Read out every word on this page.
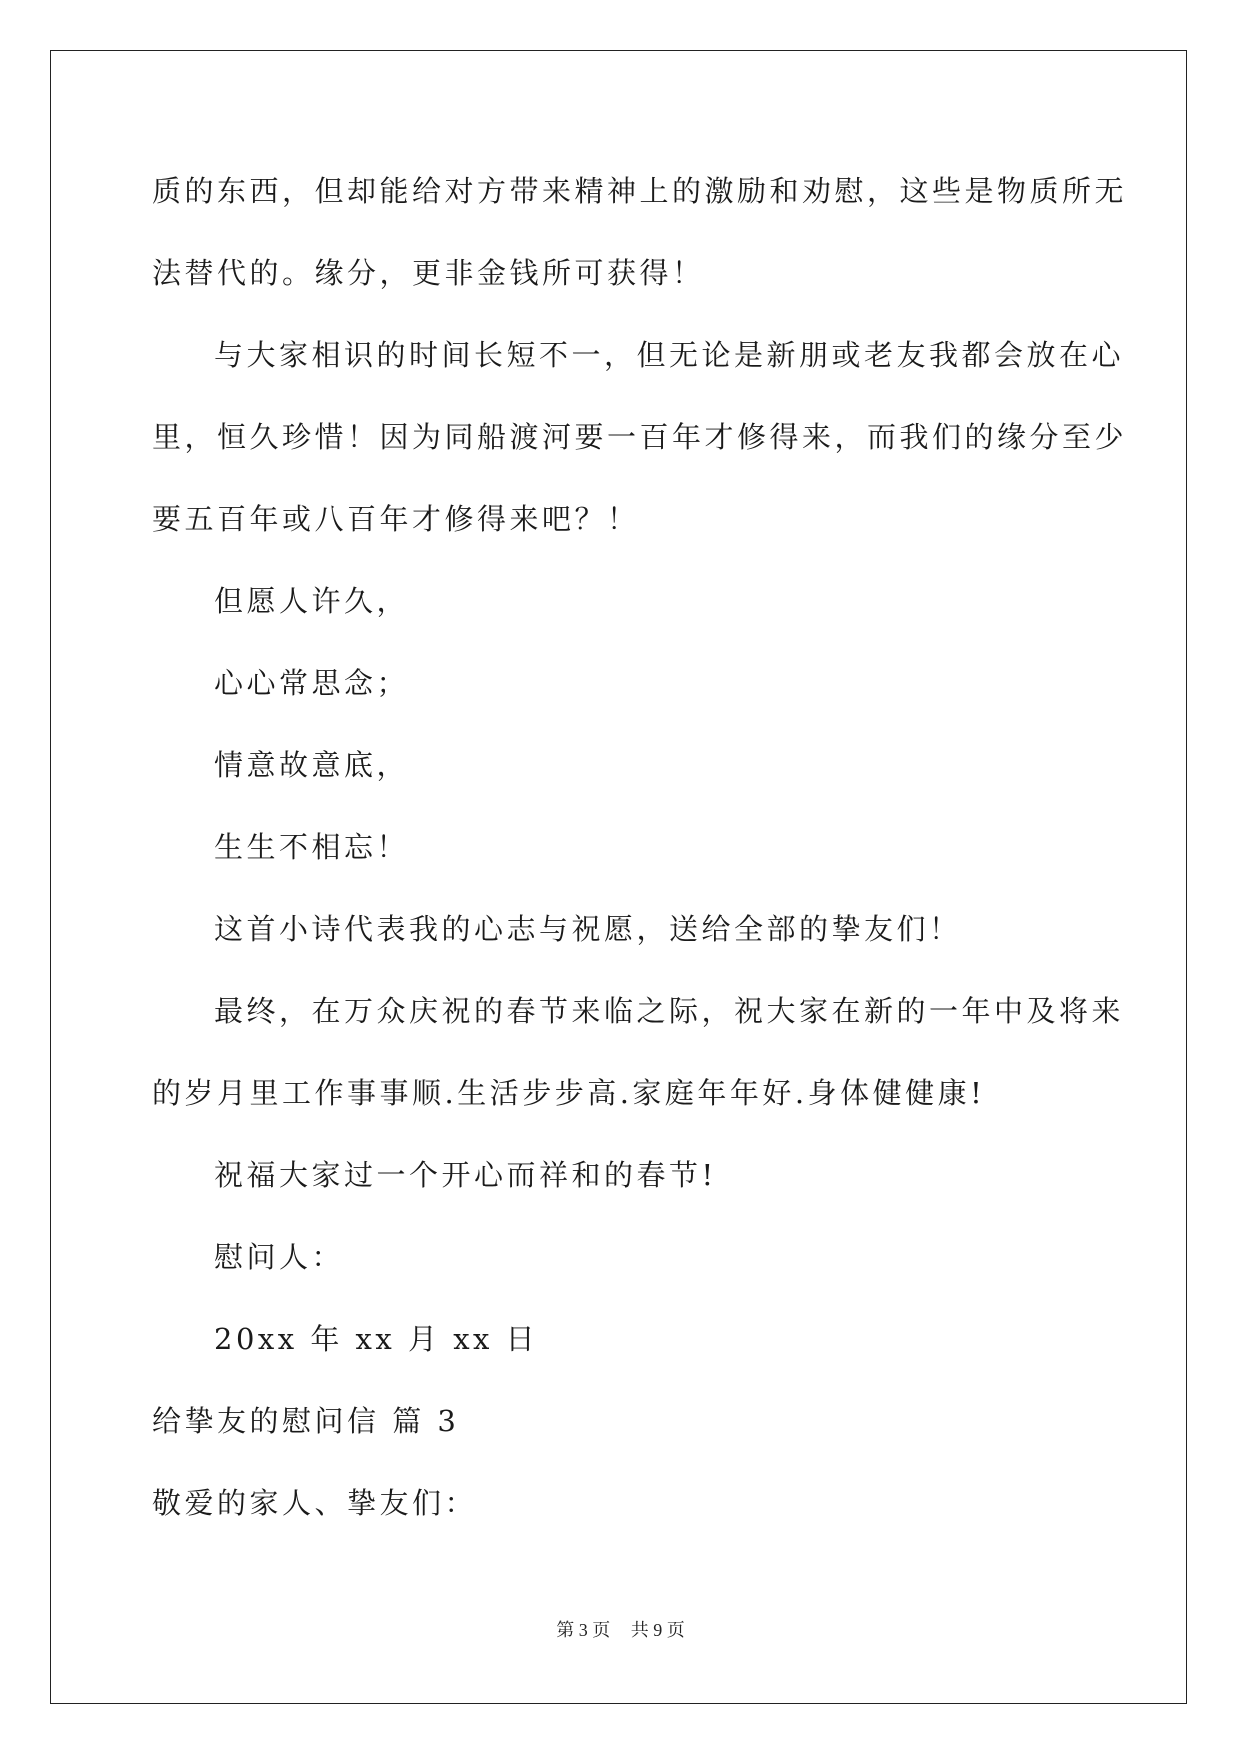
质的东西，但却能给对方带来精神上的激励和劝慰，这些是物质所无
法替代的。缘分，更非金钱所可获得！
与大家相识的时间长短不一，但无论是新朋或老友我都会放在心
里，恒久珍惜！因为同船渡河要一百年才修得来，而我们的缘分至少
要五百年或八百年才修得来吧？！
但愿人许久，
心心常思念；
情意故意底，
生生不相忘！
这首小诗代表我的心志与祝愿，送给全部的挚友们！
最终，在万众庆祝的春节来临之际，祝大家在新的一年中及将来
的岁月里工作事事顺.生活步步高.家庭年年好.身体健健康!
祝福大家过一个开心而祥和的春节!
慰问人：
20xx 年 xx 月 xx 日
给挚友的慰问信 篇 3
敬爱的家人、挚友们：
第 3 页 共 9 页
